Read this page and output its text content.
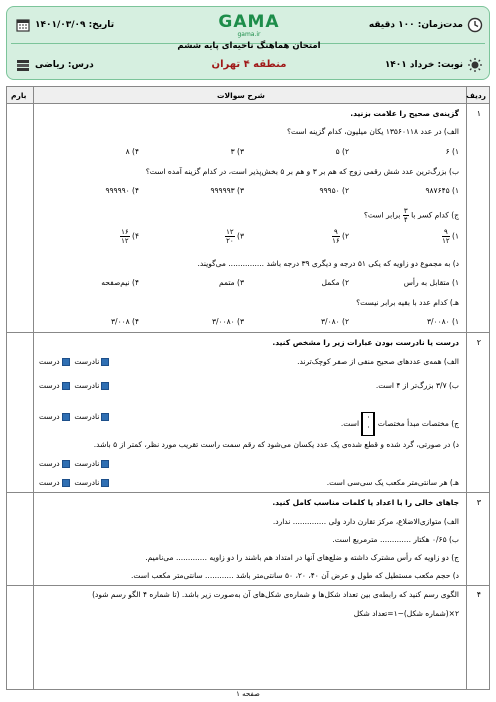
مدت‌زمان: ۱۰۰ دقیقه
تاریخ: ۱۴۰۱/۰۳/۰۹	GAMA
gama.ir
امتحان هماهنگ ناحیه‌ای پایه ششم
منطقه ۴ تهران	نوبت: خرداد ۱۴۰۱
درس: ریاضی
ردیف
شرح سوالات
بارم
۱
گزینه‌ی صحیح را علامت بزنید.
الف) در عدد ۱۳۵۶۰۱۱۸ یکان میلیون، کدام گزینه است؟
۱) ۶
۲) ۵
۳) ۳
۴) ۸
ب) بزرگ‌ترین عدد شش رقمی زوج که هم بر ۳ و هم بر ۵ بخش‌پذیر است، در کدام گزینه آمده است؟
۱) ۹۸۷۶۴۵
۲) ۹۹۹۵۰
۳) ۹۹۹۹۹۳
۴) ۹۹۹۹۹۰
ج) کدام کسر با
$\frac{۳}{۴}$ برابر است؟
۱)
$\frac{۹}{۱۲}$
۲)
$\frac{۹}{۱۶}$
۳)
$\frac{۱۲}{۲۰}$
۴)
$\frac{۱۶}{۱۲}$
د) به مجموع دو زاویه که یکی ۵۱ درجه و دیگری ۳۹ درجه باشد ............... می‌گویند.
۱) متقابل به رأس
۲) مکمل
۳) متمم
۴) نیم‌صفحه
هـ) کدام عدد با بقیه برابر نیست؟
۱) ۳/۰۰۸۰
۲) ۳/۰۸۰
۳) ۳/۰۰۸۰
۴) ۳/۰۰۸
۲
درست یا نادرست بودن عبارات زیر را مشخص کنید.
الف) همه‌ی عددهای صحیح منفی از صفر کوچک‌ترند.
نادرست  درست
ب) ۳/۷ بزرگ‌تر از ۴ است.
نادرست  درست
ج) مختصات مبدأ مختصات ·
· است.
نادرست  درست
د) در صورتی، گرد شده و قطع شده‌ی یک عدد یکسان می‌شود که رقم سمت راست تقریب مورد نظر، کمتر از ۵ باشد.
نادرست  درست
هـ) هر سانتی‌متر مکعب یک سی‌سی است.
نادرست  درست
۳
جاهای خالی را با اعداد یا کلمات مناسب کامل کنید.
الف) متوازی‌الاضلاع، مرکز تقارن دارد ولی .............. ندارد.
ب) ۰/۶۵ هکتار ............. مترمربع است.
ج) دو زاویه که رأس مشترک داشته و ضلع‌های آنها در امتداد هم باشند را دو زاویه ............. می‌نامیم.
د) حجم مکعب مستطیل که طول و عرض آن ۴۰، ۲۰، ۵۰ سانتی‌متر باشد ............ سانتی‌متر مکعب است.
۴
الگوی رسم کنید که رابطه‌ی بین تعداد شکل‌ها و شماره‌ی شکل‌های آن به‌صورت زیر باشد. (تا شماره ۴ الگو رسم شود)
۲×(شماره شکل)−۱=تعداد شکل
صفحه ۱
